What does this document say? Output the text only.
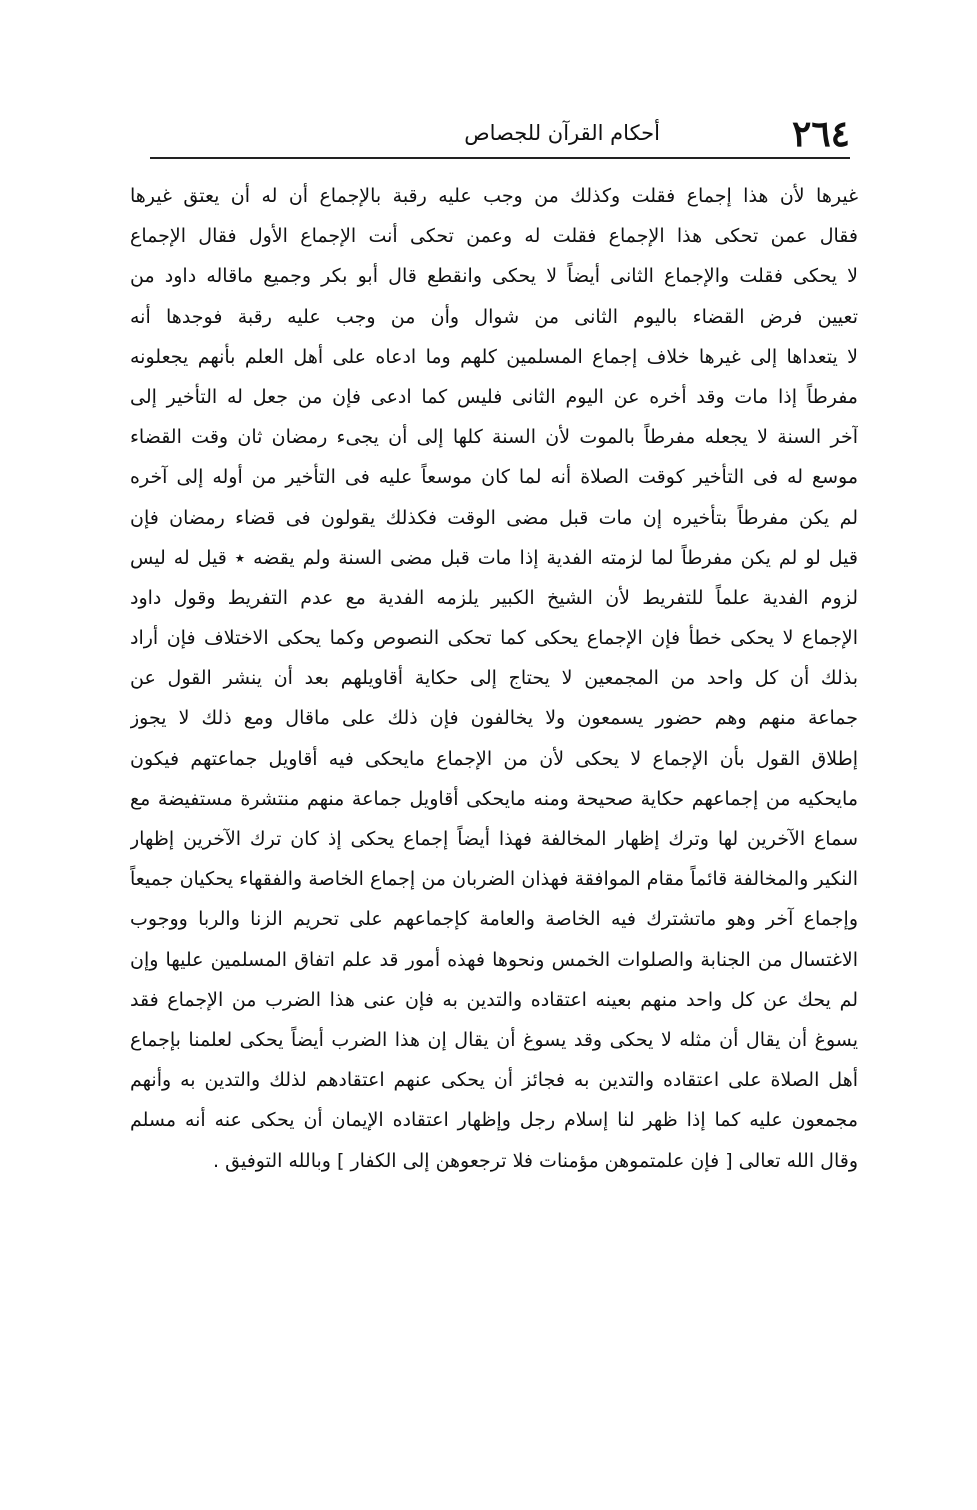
٢٦٤
أحكام القرآن للجصاص
غيرها لأن هذا إجماع فقلت وكذلك من وجب عليه رقبة بالإجماع أن له أن يعتق غيرها
فقال عمن تحكى هذا الإجماع فقلت له وعمن تحكى أنت الإجماع الأول فقال الإجماع
لا يحكى فقلت والإجماع الثانى أيضاً لا يحكى وانقطع قال أبو بكر وجميع ماقاله داود من
تعيين فرض القضاء باليوم الثانى من شوال وأن من وجب عليه رقبة فوجدها أنه
لا يتعداها إلى غيرها خلاف إجماع المسلمين كلهم وما ادعاه على أهل العلم بأنهم يجعلونه
مفرطاً إذا مات وقد أخره عن اليوم الثانى فليس كما ادعى فإن من جعل له التأخير إلى
آخر السنة لا يجعله مفرطاً بالموت لأن السنة كلها إلى أن يجىء رمضان ثان وقت القضاء
موسع له فى التأخير كوقت الصلاة أنه لما كان موسعاً عليه فى التأخير من أوله إلى آخره
لم يكن مفرطاً بتأخيره إن مات قبل مضى الوقت فكذلك يقولون فى قضاء رمضان فإن
قيل لو لم يكن مفرطاً لما لزمته الفدية إذا مات قبل مضى السنة ولم يقضه ٭ قيل له ليس
لزوم الفدية علماً للتفريط لأن الشيخ الكبير يلزمه الفدية مع عدم التفريط وقول داود
الإجماع لا يحكى خطأ فإن الإجماع يحكى كما تحكى النصوص وكما يحكى الاختلاف فإن أراد
بذلك أن كل واحد من المجمعين لا يحتاج إلى حكاية أقاويلهم بعد أن ينشر القول عن
جماعة منهم وهم حضور يسمعون ولا يخالفون فإن ذلك على ماقال ومع ذلك لا يجوز
إطلاق القول بأن الإجماع لا يحكى لأن من الإجماع مايحكى فيه أقاويل جماعتهم فيكون
مايحكيه من إجماعهم حكاية صحيحة ومنه مايحكى أقاويل جماعة منهم منتشرة مستفيضة مع
سماع الآخرين لها وترك إظهار المخالفة فهذا أيضاً إجماع يحكى إذ كان ترك الآخرين إظهار
النكير والمخالفة قائماً مقام الموافقة فهذان الضربان من إجماع الخاصة والفقهاء يحكيان جميعاً
وإجماع آخر وهو ماتشترك فيه الخاصة والعامة كإجماعهم على تحريم الزنا والربا ووجوب
الاغتسال من الجنابة والصلوات الخمس ونحوها فهذه أمور قد علم اتفاق المسلمين عليها وإن
لم يحك عن كل واحد منهم بعينه اعتقاده والتدين به فإن عنى هذا الضرب من الإجماع فقد
يسوغ أن يقال أن مثله لا يحكى وقد يسوغ أن يقال إن هذا الضرب أيضاً يحكى لعلمنا بإجماع
أهل الصلاة على اعتقاده والتدين به فجائز أن يحكى عنهم اعتقادهم لذلك والتدين به وأنهم
مجمعون عليه كما إذا ظهر لنا إسلام رجل وإظهار اعتقاده الإيمان أن يحكى عنه أنه مسلم
وقال الله تعالى [ فإن علمتموهن مؤمنات فلا ترجعوهن إلى الكفار ] وبالله التوفيق .
